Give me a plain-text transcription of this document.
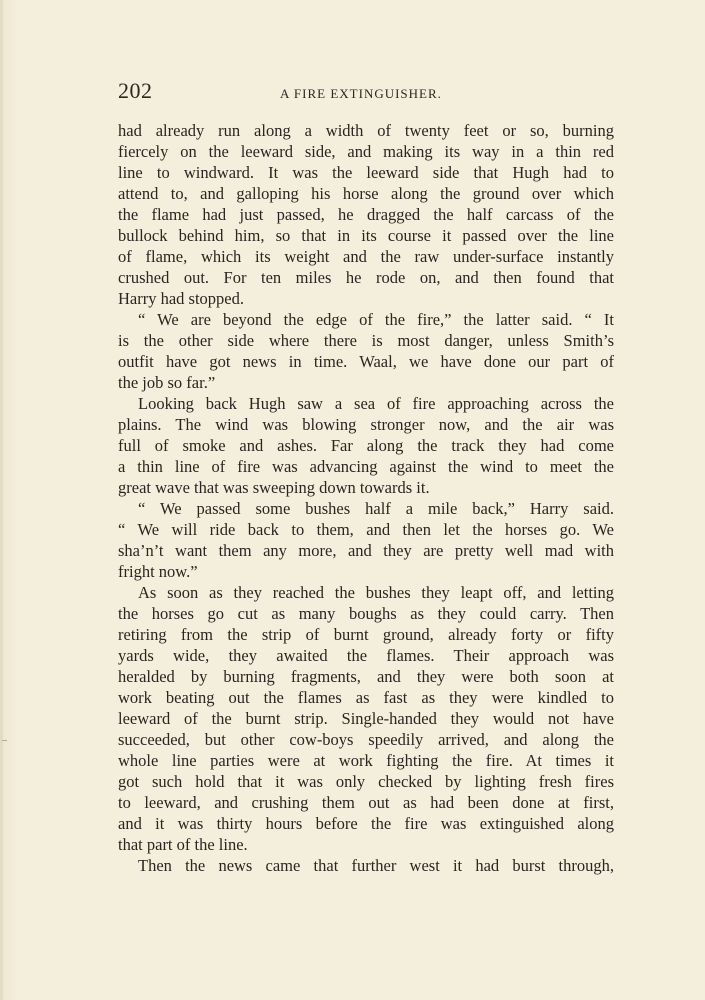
202	A FIRE EXTINGUISHER.
had already run along a width of twenty feet or so, burning
fiercely on the leeward side, and making its way in a thin red
line to windward. It was the leeward side that Hugh had to
attend to, and galloping his horse along the ground over which
the flame had just passed, he dragged the half carcass of the
bullock behind him, so that in its course it passed over the line
of flame, which its weight and the raw under-surface instantly
crushed out. For ten miles he rode on, and then found that
Harry had stopped.
“ We are beyond the edge of the fire,” the latter said. “ It
is the other side where there is most danger, unless Smith’s
outfit have got news in time. Waal, we have done our part of
the job so far.”
Looking back Hugh saw a sea of fire approaching across the
plains. The wind was blowing stronger now, and the air was
full of smoke and ashes. Far along the track they had come
a thin line of fire was advancing against the wind to meet the
great wave that was sweeping down towards it.
“ We passed some bushes half a mile back,” Harry said.
“ We will ride back to them, and then let the horses go. We
sha’n’t want them any more, and they are pretty well mad with
fright now.”
As soon as they reached the bushes they leapt off, and letting
the horses go cut as many boughs as they could carry. Then
retiring from the strip of burnt ground, already forty or fifty
yards wide, they awaited the flames. Their approach was
heralded by burning fragments, and they were both soon at
work beating out the flames as fast as they were kindled to
leeward of the burnt strip. Single-handed they would not have
succeeded, but other cow-boys speedily arrived, and along the
whole line parties were at work fighting the fire. At times it
got such hold that it was only checked by lighting fresh fires
to leeward, and crushing them out as had been done at first,
and it was thirty hours before the fire was extinguished along
that part of the line.
Then the news came that further west it had burst through,
